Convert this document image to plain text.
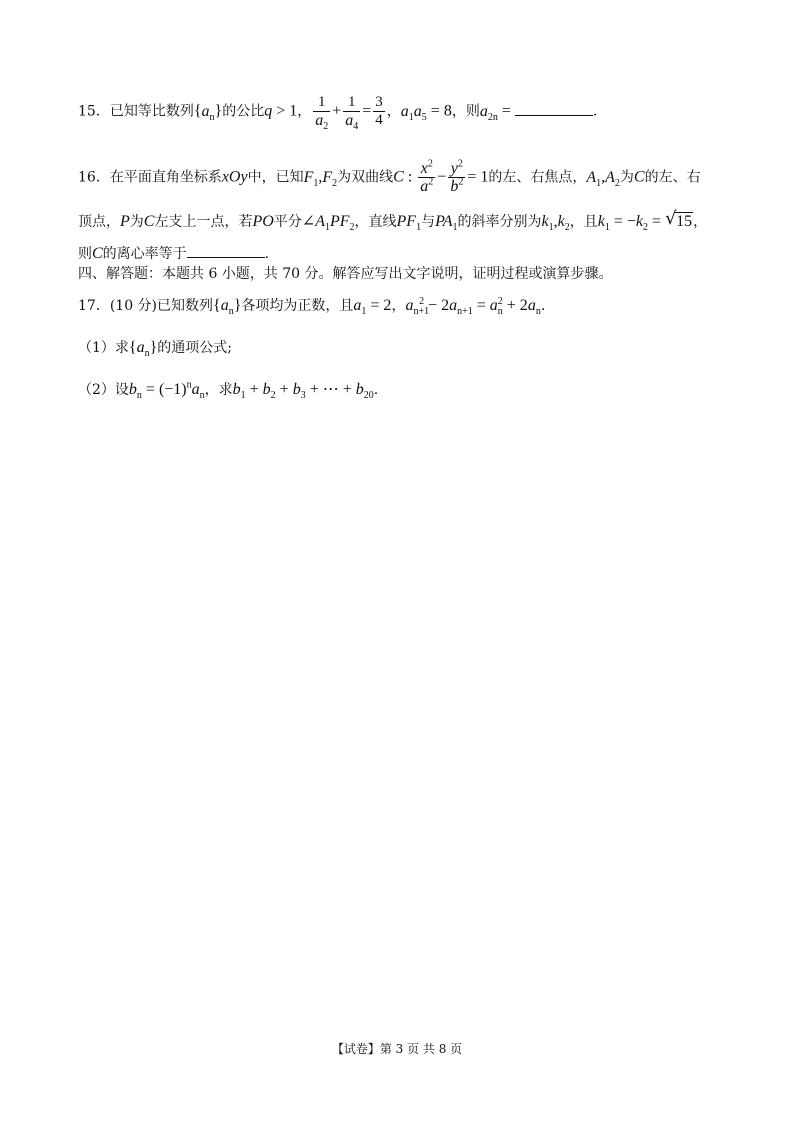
15．已知等比数列$\{a_n\}$的公比q > 1， $\frac{1}{a_2} + \frac{1}{a_4} = \frac{3}{4}$ ，$a_1a_5 = 8$，则$a_{2n}$ =	.
16．在平面直角坐标系xOy中，已知$F_1,F_2$为双曲线C : $\frac{x^2}{a^2} - \frac{y^2}{b^2} = 1$的左、右焦点，$A_1,A_2$为C的左、右
顶点，P为C左支上一点，若PO平分$\angle A_1PF_2$，直线$PF_1$与$PA_1$的斜率分别为$k_1,k_2$，且$k_1 = -k_2$ = √ 15，
则C的离心率等于	.
四、解答题：本题共 6 小题，共 70 分。解答应写出文字说明，证明过程或演算步骤。
17．(10 分)已知数列$\{a_n\}$各项均为正数，且$a_1 = 2$，$a_{n+1}^2 - 2a_{n+1} = a_n^2 + 2a_n$.
（1）求$\{a_n\}$的通项公式;
（2）设$b_n = (-1)^na_n$，求$b_1 + b_2 + b_3$ + ⋯ + $b_{20}$.
【试卷】第 3 页 共 8 页
